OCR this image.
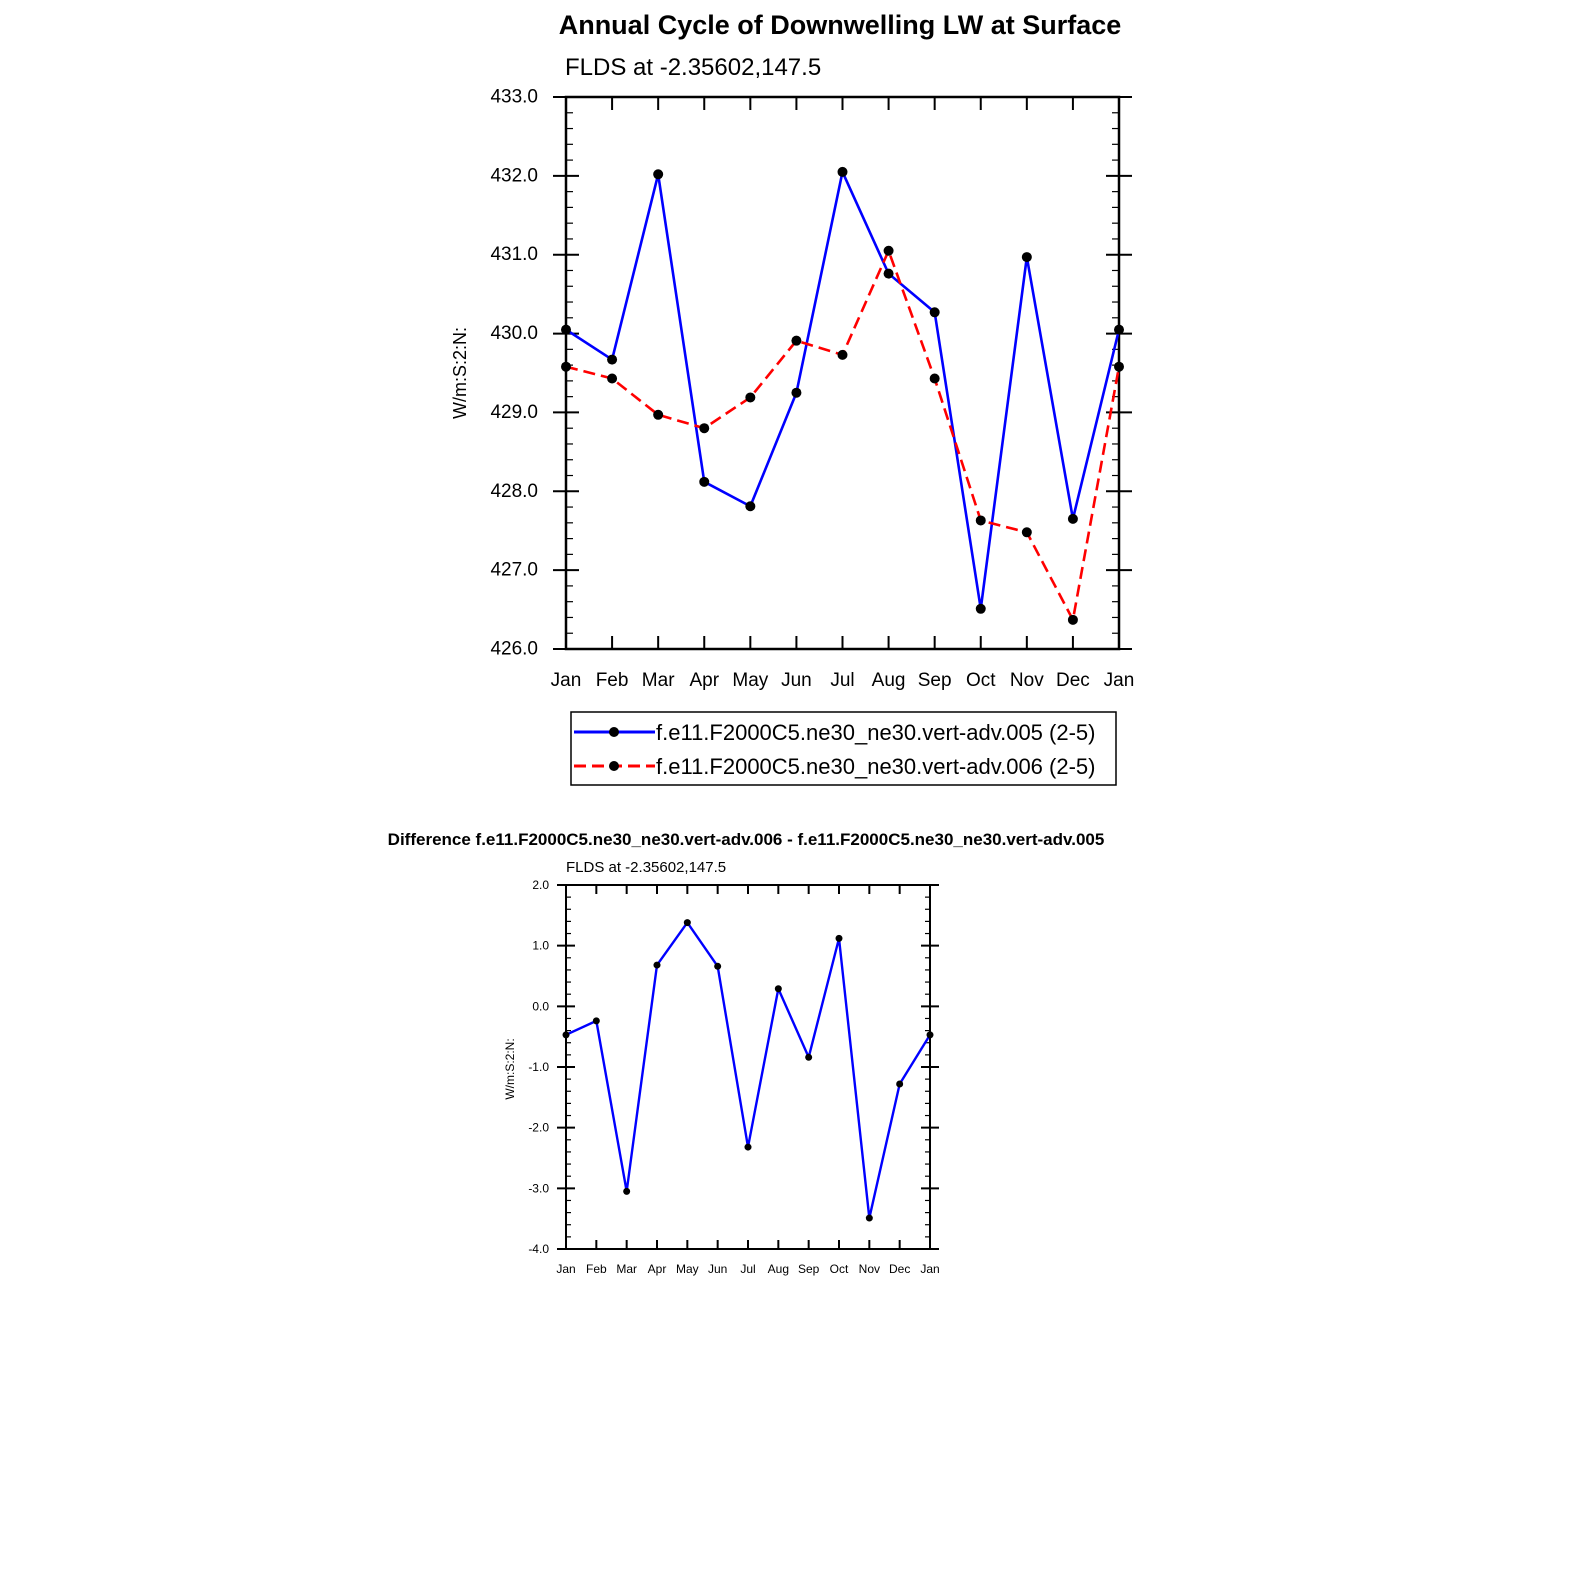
Annual Cycle of Downwelling LW at Surface
FLDS at -2.35602,147.5
W/m:S:2:N:
426.0
427.0
428.0
429.0
430.0
431.0
432.0
433.0
Jan Feb Mar Apr May Jun Jul Aug Sep Oct Nov Dec Jan
f.e11.F2000C5.ne30_ne30.vert-adv.005 (2-5)
f.e11.F2000C5.ne30_ne30.vert-adv.006 (2-5)
Difference f.e11.F2000C5.ne30_ne30.vert-adv.006 - f.e11.F2000C5.ne30_ne30.vert-adv.005
FLDS at -2.35602,147.5
W/m:S:2:N:
-4.0
-3.0
-2.0
-1.0
0.0
1.0
2.0
Jan Feb Mar Apr May Jun Jul Aug Sep Oct Nov Dec Jan
